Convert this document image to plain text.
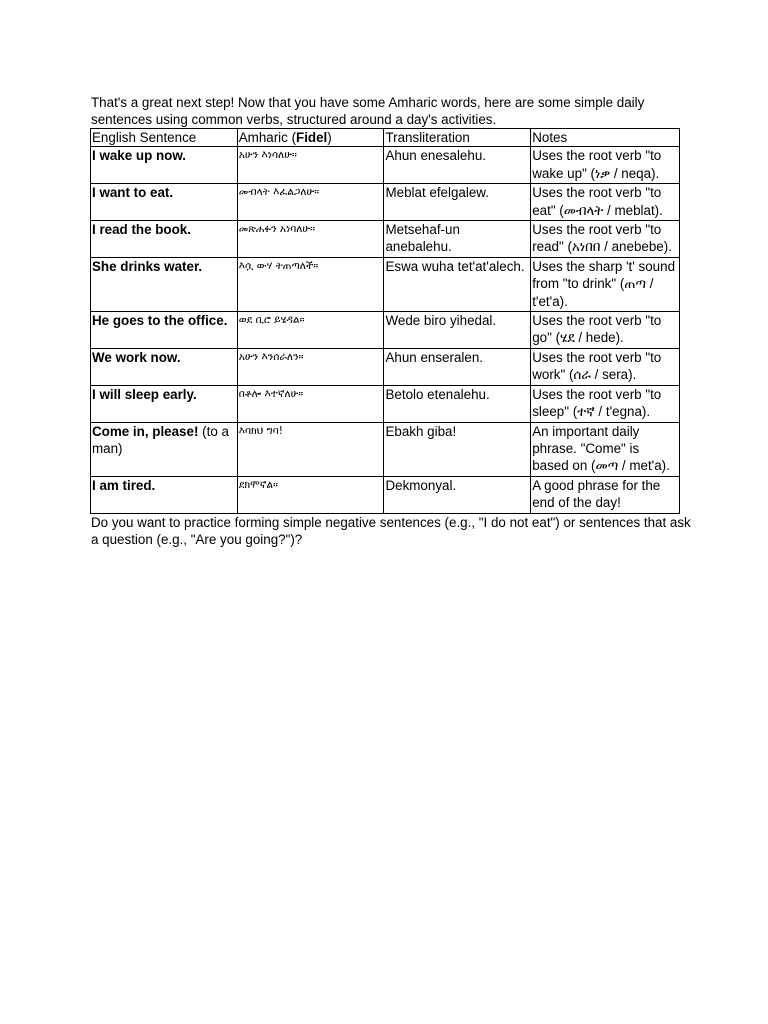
That's a great next step! Now that you have some Amharic words, here are some simple daily sentences using common verbs, structured around a day's activities.

English Sentence	Amharic (Fidel)	Transliteration	Notes
I wake up now.	አሁን እነሳለሁ።	Ahun enesalehu.	Uses the root verb "to wake up" (ነቃ / neqa).
I want to eat.	መብላት እፈልጋለሁ።	Meblat efelgalew.	Uses the root verb "to eat" (መብላት / meblat).
I read the book.	መጽሐፉን አነባለሁ።	Metsehaf-un anebalehu.	Uses the root verb "to read" (አነበበ / anebebe).
She drinks water.	እሷ ውሃ ትጠጣለች።	Eswa wuha tet'at'alech.	Uses the sharp 't' sound from "to drink" (ጠጣ / t'et'a).
He goes to the office.	ወደ ቢሮ ይሄዳል።	Wede biro yihedal.	Uses the root verb "to go" (ሄደ / hede).
We work now.	አሁን እንሰራለን።	Ahun enseralen.	Uses the root verb "to work" (ሰራ / sera).
I will sleep early.	በቶሎ እተኛለሁ።	Betolo etenalehu.	Uses the root verb "to sleep" (ተኛ / t'egna).
Come in, please! (to a man)	እባክህ ግባ!	Ebakh giba!	An important daily phrase. "Come" is based on (መጣ / met'a).
I am tired.	ደክሞኛል።	Dekmonyal.	A good phrase for the end of the day!

Do you want to practice forming simple negative sentences (e.g., "I do not eat") or sentences that ask a question (e.g., "Are you going?")?
